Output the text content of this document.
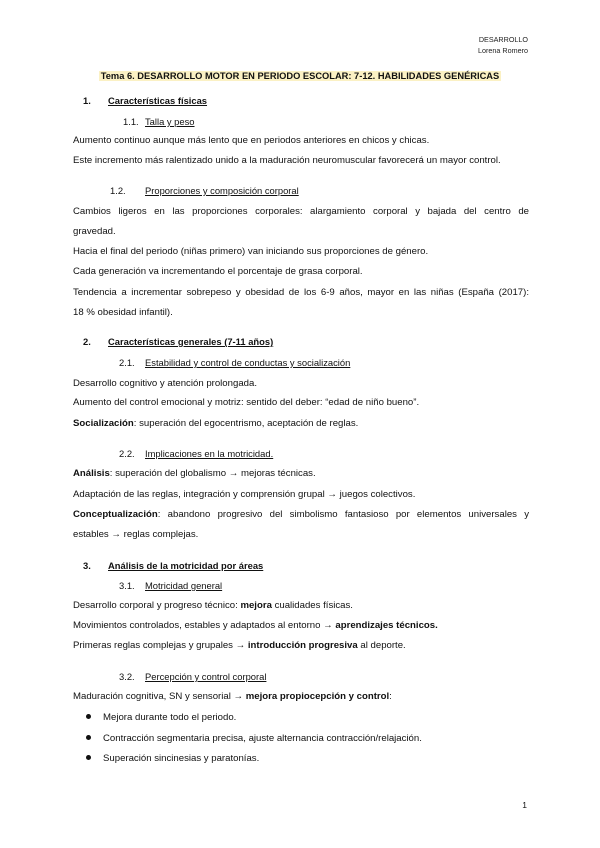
DESARROLLO
Lorena Romero
Tema 6. DESARROLLO MOTOR EN PERIODO ESCOLAR: 7-12. HABILIDADES GENÉRICAS
1. Características físicas
1.1. Talla y peso
Aumento continuo aunque más lento que en periodos anteriores en chicos y chicas.
Este incremento más ralentizado unido a la maduración neuromuscular favorecerá un mayor control.
1.2. Proporciones y composición corporal
Cambios ligeros en las proporciones corporales: alargamiento corporal y bajada del centro de
gravedad.
Hacia el final del periodo (niñas primero) van iniciando sus proporciones de género.
Cada generación va incrementando el porcentaje de grasa corporal.
Tendencia a incrementar sobrepeso y obesidad de los 6-9 años, mayor en las niñas (España (2017):
18 % obesidad infantil).
2. Características generales (7-11 años)
2.1. Estabilidad y control de conductas y socialización
Desarrollo cognitivo y atención prolongada.
Aumento del control emocional y motriz: sentido del deber: “edad de niño bueno”.
Socialización: superación del egocentrismo, aceptación de reglas.
2.2. Implicaciones en la motricidad.
Análisis: superación del globalismo → mejoras técnicas.
Adaptación de las reglas, integración y comprensión grupal → juegos colectivos.
Conceptualización: abandono progresivo del simbolismo fantasioso por elementos universales y
estables → reglas complejas.
3. Análisis de la motricidad por áreas
3.1. Motricidad general
Desarrollo corporal y progreso técnico: mejora cualidades físicas.
Movimientos controlados, estables y adaptados al entorno → aprendizajes técnicos.
Primeras reglas complejas y grupales → introducción progresiva al deporte.
3.2. Percepción y control corporal
Maduración cognitiva, SN y sensorial → mejora propiocepción y control:
Mejora durante todo el periodo.
Contracción segmentaria precisa, ajuste alternancia contracción/relajación.
Superación sincinesias y paratonías.
1
